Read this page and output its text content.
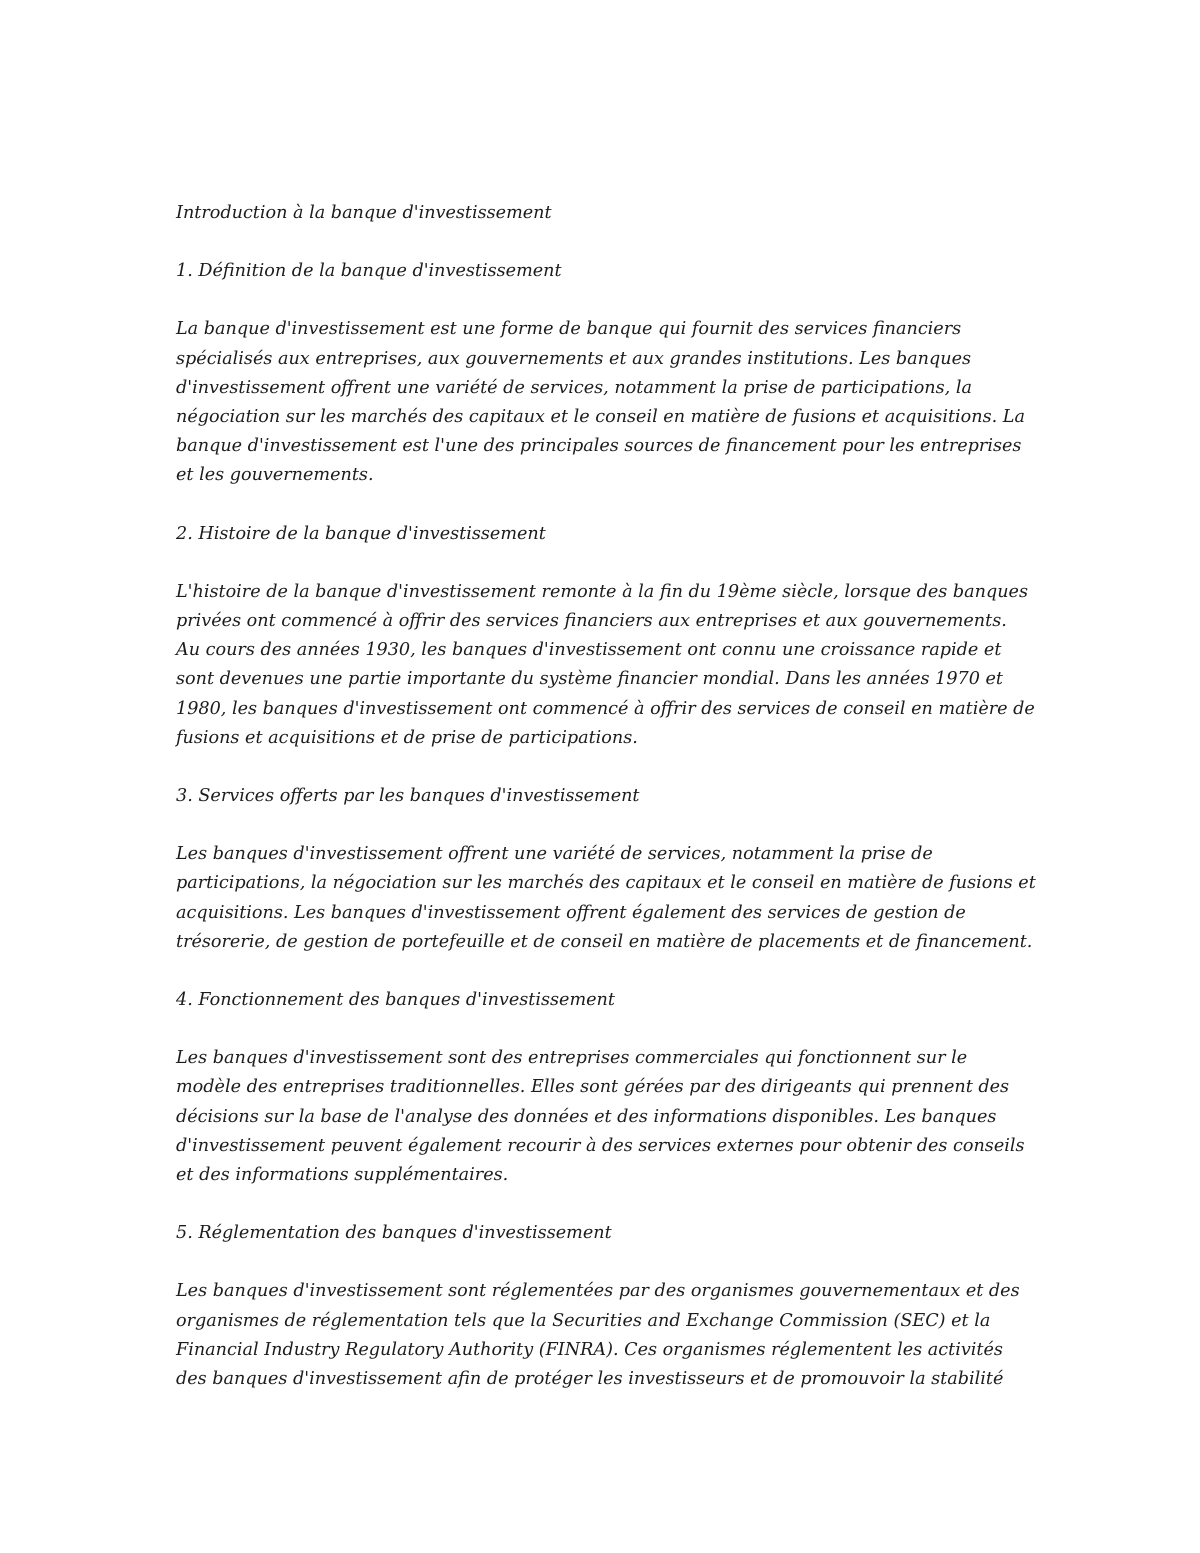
Introduction à la banque d'investissement

1. Définition de la banque d'investissement

La banque d'investissement est une forme de banque qui fournit des services financiers spécialisés aux entreprises, aux gouvernements et aux grandes institutions. Les banques d'investissement offrent une variété de services, notamment la prise de participations, la négociation sur les marchés des capitaux et le conseil en matière de fusions et acquisitions. La banque d'investissement est l'une des principales sources de financement pour les entreprises et les gouvernements.

2. Histoire de la banque d'investissement

L'histoire de la banque d'investissement remonte à la fin du 19ème siècle, lorsque des banques privées ont commencé à offrir des services financiers aux entreprises et aux gouvernements. Au cours des années 1930, les banques d'investissement ont connu une croissance rapide et sont devenues une partie importante du système financier mondial. Dans les années 1970 et 1980, les banques d'investissement ont commencé à offrir des services de conseil en matière de fusions et acquisitions et de prise de participations.

3. Services offerts par les banques d'investissement

Les banques d'investissement offrent une variété de services, notamment la prise de participations, la négociation sur les marchés des capitaux et le conseil en matière de fusions et acquisitions. Les banques d'investissement offrent également des services de gestion de trésorerie, de gestion de portefeuille et de conseil en matière de placements et de financement.

4. Fonctionnement des banques d'investissement

Les banques d'investissement sont des entreprises commerciales qui fonctionnent sur le modèle des entreprises traditionnelles. Elles sont gérées par des dirigeants qui prennent des décisions sur la base de l'analyse des données et des informations disponibles. Les banques d'investissement peuvent également recourir à des services externes pour obtenir des conseils et des informations supplémentaires.

5. Réglementation des banques d'investissement

Les banques d'investissement sont réglementées par des organismes gouvernementaux et des organismes de réglementation tels que la Securities and Exchange Commission (SEC) et la Financial Industry Regulatory Authority (FINRA). Ces organismes réglementent les activités des banques d'investissement afin de protéger les investisseurs et de promouvoir la stabilité
